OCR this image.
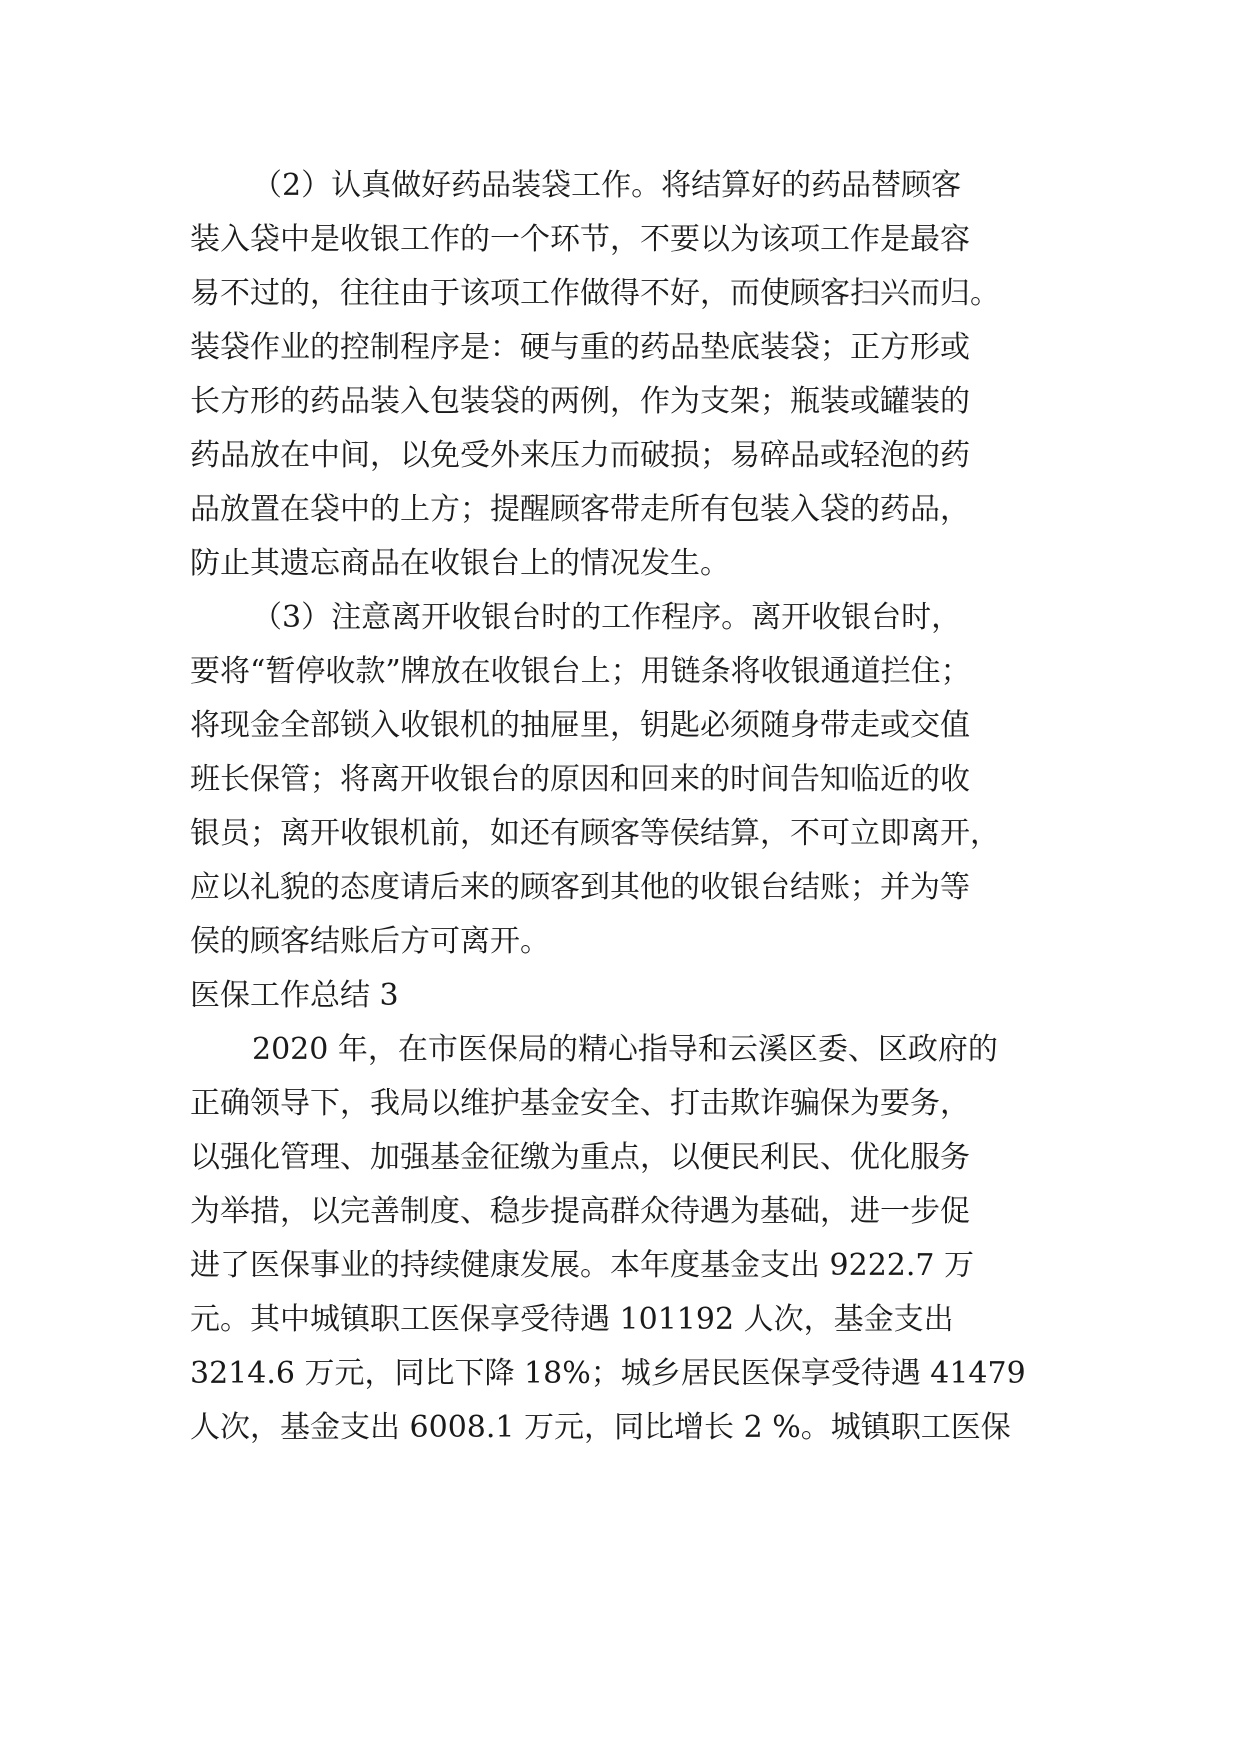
（2）认真做好药品装袋工作。将结算好的药品替顾客
装入袋中是收银工作的一个环节，不要以为该项工作是最容
易不过的，往往由于该项工作做得不好，而使顾客扫兴而归。
装袋作业的控制程序是：硬与重的药品垫底装袋；正方形或
长方形的药品装入包装袋的两例，作为支架；瓶装或罐装的
药品放在中间，以免受外来压力而破损；易碎品或轻泡的药
品放置在袋中的上方；提醒顾客带走所有包装入袋的药品，
防止其遗忘商品在收银台上的情况发生。
（3）注意离开收银台时的工作程序。离开收银台时，
要将“暂停收款”牌放在收银台上；用链条将收银通道拦住；
将现金全部锁入收银机的抽屉里，钥匙必须随身带走或交值
班长保管；将离开收银台的原因和回来的时间告知临近的收
银员；离开收银机前，如还有顾客等侯结算，不可立即离开，
应以礼貌的态度请后来的顾客到其他的收银台结账；并为等
侯的顾客结账后方可离开。
医保工作总结 3
2020 年，在市医保局的精心指导和云溪区委、区政府的
正确领导下，我局以维护基金安全、打击欺诈骗保为要务，
以强化管理、加强基金征缴为重点，以便民利民、优化服务
为举措，以完善制度、稳步提高群众待遇为基础，进一步促
进了医保事业的持续健康发展。本年度基金支出 9222.7 万
元。其中城镇职工医保享受待遇 101192 人次，基金支出
3214.6 万元，同比下降 18%；城乡居民医保享受待遇 41479
人次，基金支出 6008.1 万元，同比增长 2 %。城镇职工医保
